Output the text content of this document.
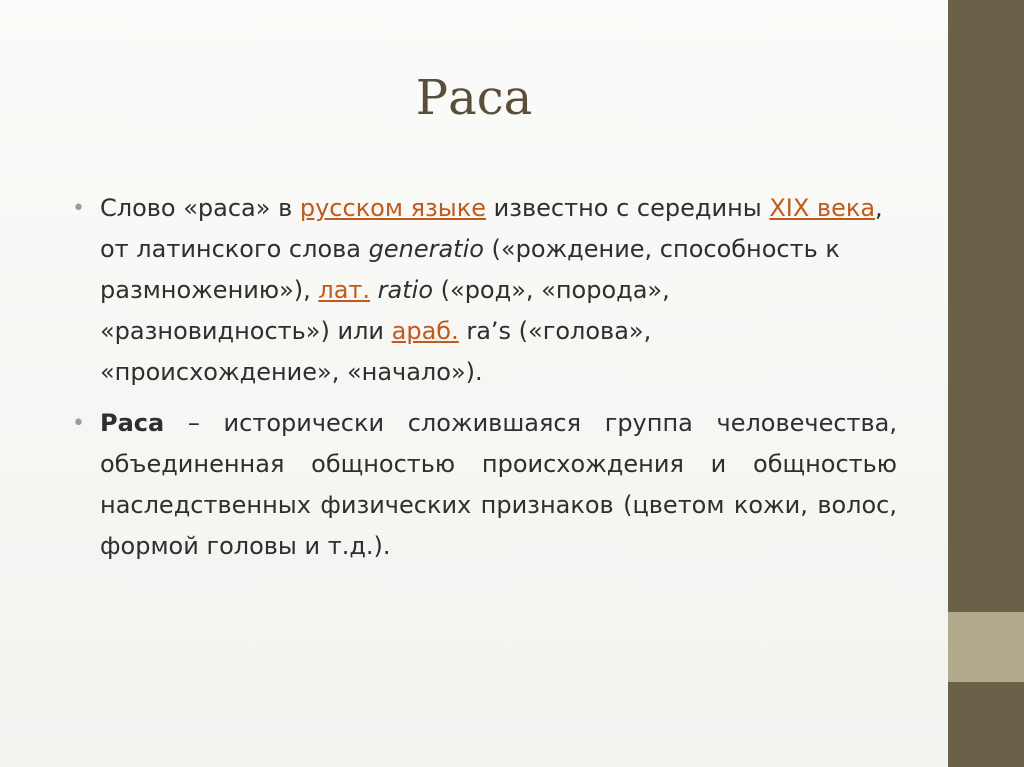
Раса
• Слово «раса» в русском языке известно с середины XIX века, от латинского слова generatio («рождение, способность к размножению»), лат. ratio («род», «порода», «разновидность») или араб. ra’s («голова», «происхождение», «начало»).
• Раса – исторически сложившаяся группа человечества, объединенная общностью происхождения и общностью наследственных физических признаков (цветом кожи, волос, формой головы и т.д.).
